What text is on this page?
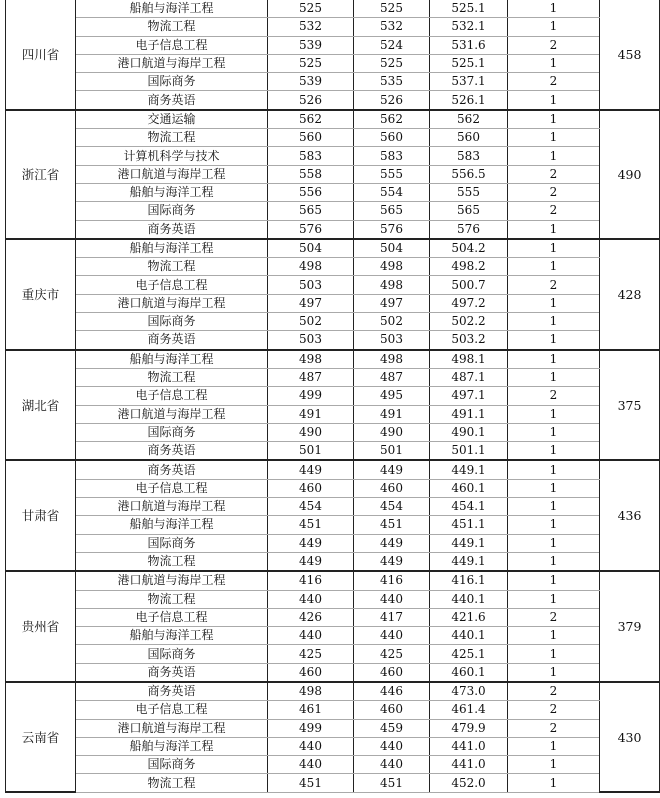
四川省	船舶与海洋工程	525	525	525.1	1	458
	物流工程	532	532	532.1	1	
	电子信息工程	539	524	531.6	2	
	港口航道与海岸工程	525	525	525.1	1	
	国际商务	539	535	537.1	2	
	商务英语	526	526	526.1	1	
浙江省	交通运输	562	562	562	1	490
	物流工程	560	560	560	1	
	计算机科学与技术	583	583	583	1	
	港口航道与海岸工程	558	555	556.5	2	
	船舶与海洋工程	556	554	555	2	
	国际商务	565	565	565	2	
	商务英语	576	576	576	1	
重庆市	船舶与海洋工程	504	504	504.2	1	428
	物流工程	498	498	498.2	1	
	电子信息工程	503	498	500.7	2	
	港口航道与海岸工程	497	497	497.2	1	
	国际商务	502	502	502.2	1	
	商务英语	503	503	503.2	1	
湖北省	船舶与海洋工程	498	498	498.1	1	375
	物流工程	487	487	487.1	1	
	电子信息工程	499	495	497.1	2	
	港口航道与海岸工程	491	491	491.1	1	
	国际商务	490	490	490.1	1	
	商务英语	501	501	501.1	1	
甘肃省	商务英语	449	449	449.1	1	436
	电子信息工程	460	460	460.1	1	
	港口航道与海岸工程	454	454	454.1	1	
	船舶与海洋工程	451	451	451.1	1	
	国际商务	449	449	449.1	1	
	物流工程	449	449	449.1	1	
贵州省	港口航道与海岸工程	416	416	416.1	1	379
	物流工程	440	440	440.1	1	
	电子信息工程	426	417	421.6	2	
	船舶与海洋工程	440	440	440.1	1	
	国际商务	425	425	425.1	1	
	商务英语	460	460	460.1	1	
云南省	商务英语	498	446	473.0	2	430
	电子信息工程	461	460	461.4	2	
	港口航道与海岸工程	499	459	479.9	2	
	船舶与海洋工程	440	440	441.0	1	
	国际商务	440	440	441.0	1	
	物流工程	451	451	452.0	1	
